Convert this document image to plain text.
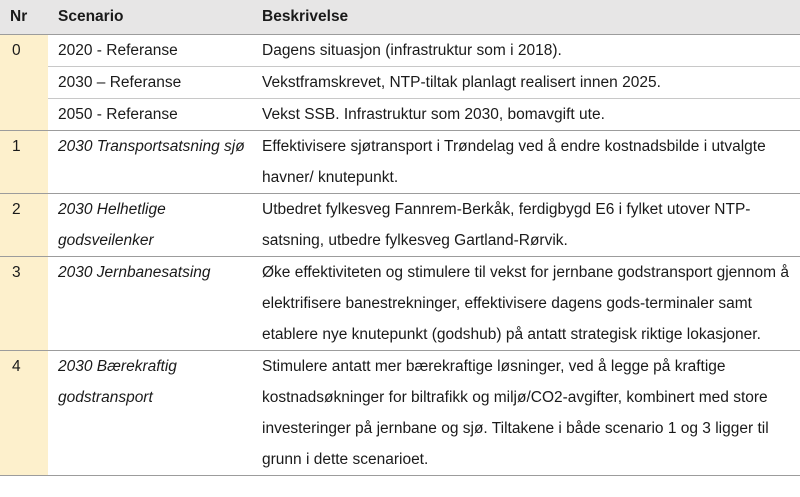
Nr	Scenario	Beskrivelse
0	2020 - Referanse	Dagens situasjon (infrastruktur som i 2018).
	2030 – Referanse	Vekstframskrevet, NTP-tiltak planlagt realisert innen 2025.
	2050 - Referanse	Vekst SSB. Infrastruktur som 2030, bomavgift ute.
1	2030 Transportsatsning sjø	Effektivisere sjøtransport i Trøndelag ved å endre kostnadsbilde i utvalgte havner/ knutepunkt.
2	2030 Helhetlige godsveilenker	Utbedret fylkesveg Fannrem-Berkåk, ferdigbygd E6 i fylket utover NTP-satsning, utbedre fylkesveg Gartland-Rørvik.
3	2030 Jernbanesatsing	Øke effektiviteten og stimulere til vekst for jernbane godstransport gjennom å elektrifisere banestrekninger, effektivisere dagens gods-terminaler samt etablere nye knutepunkt (godshub) på antatt strategisk riktige lokasjoner.
4	2030 Bærekraftig godstransport	Stimulere antatt mer bærekraftige løsninger, ved å legge på kraftige kostnadsøkninger for biltrafikk og miljø/CO2-avgifter, kombinert med store investeringer på jernbane og sjø. Tiltakene i både scenario 1 og 3 ligger til grunn i dette scenarioet.
